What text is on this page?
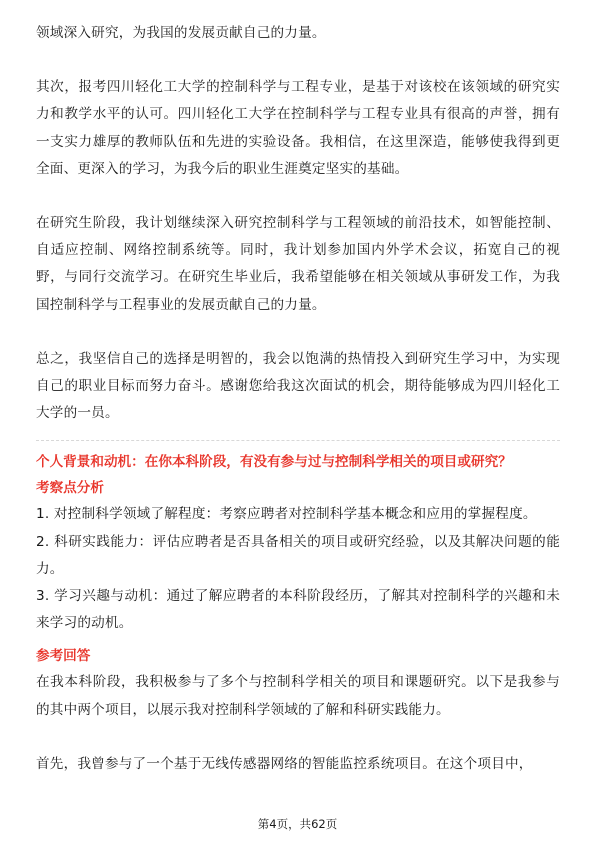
领域深入研究，为我国的发展贡献自己的力量。

其次，报考四川轻化工大学的控制科学与工程专业，是基于对该校在该领域的研究实力和教学水平的认可。四川轻化工大学在控制科学与工程专业具有很高的声誉，拥有一支实力雄厚的教师队伍和先进的实验设备。我相信，在这里深造，能够使我得到更全面、更深入的学习，为我今后的职业生涯奠定坚实的基础。

在研究生阶段，我计划继续深入研究控制科学与工程领域的前沿技术，如智能控制、自适应控制、网络控制系统等。同时，我计划参加国内外学术会议，拓宽自己的视野，与同行交流学习。在研究生毕业后，我希望能够在相关领域从事研发工作，为我国控制科学与工程事业的发展贡献自己的力量。

总之，我坚信自己的选择是明智的，我会以饱满的热情投入到研究生学习中，为实现自己的职业目标而努力奋斗。感谢您给我这次面试的机会，期待能够成为四川轻化工大学的一员。

个人背景和动机：在你本科阶段，有没有参与过与控制科学相关的项目或研究？

考察点分析

1. 对控制科学领域了解程度：考察应聘者对控制科学基本概念和应用的掌握程度。

2. 科研实践能力：评估应聘者是否具备相关的项目或研究经验，以及其解决问题的能力。

3. 学习兴趣与动机：通过了解应聘者的本科阶段经历，了解其对控制科学的兴趣和未来学习的动机。

参考回答

在我本科阶段，我积极参与了多个与控制科学相关的项目和课题研究。以下是我参与的其中两个项目，以展示我对控制科学领域的了解和科研实践能力。

首先，我曾参与了一个基于无线传感器网络的智能监控系统项目。在这个项目中，

第4页，共62页
